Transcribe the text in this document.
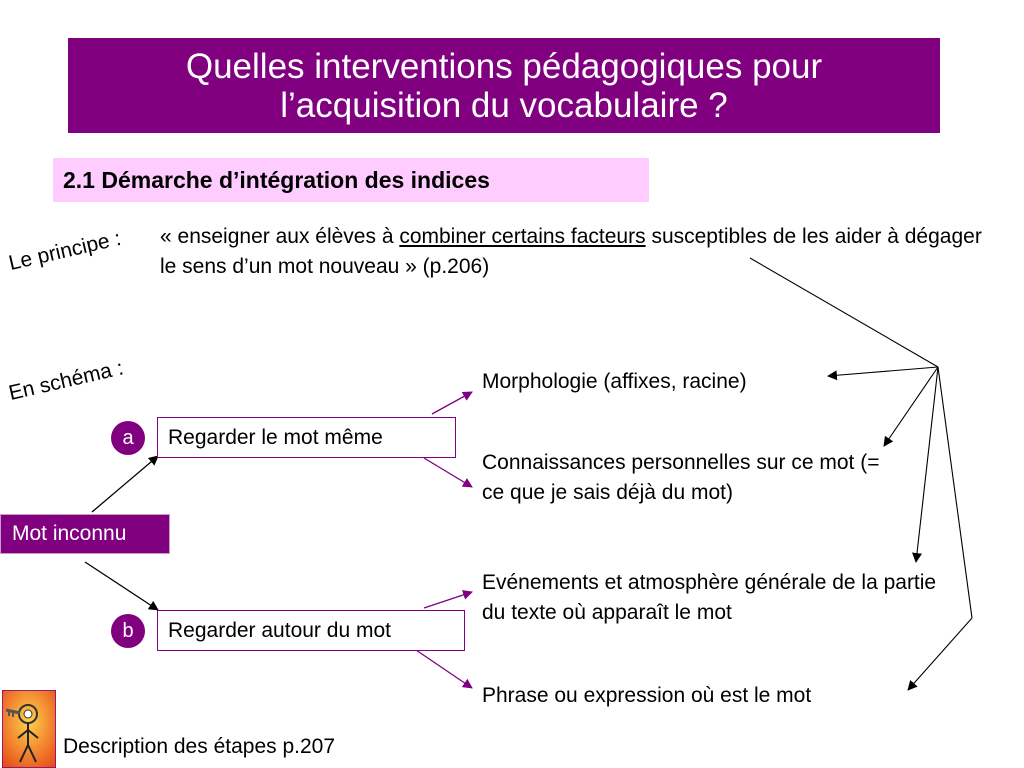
Quelles interventions pédagogiques pour
l’acquisition du vocabulaire ?
2.1 Démarche d’intégration des indices
Le principe : « enseigner aux élèves à combiner certains facteurs susceptibles de les aider à dégager le sens d’un mot nouveau » (p.206)
En schéma :
a	Regarder le mot même
Mot inconnu
b	Regarder autour du mot
Morphologie (affixes, racine)
Connaissances personnelles sur ce mot (= ce que je sais déjà du mot)
Evénements et atmosphère générale de la partie du texte où apparaît le mot
Phrase ou expression où est le mot
Description des étapes p.207
